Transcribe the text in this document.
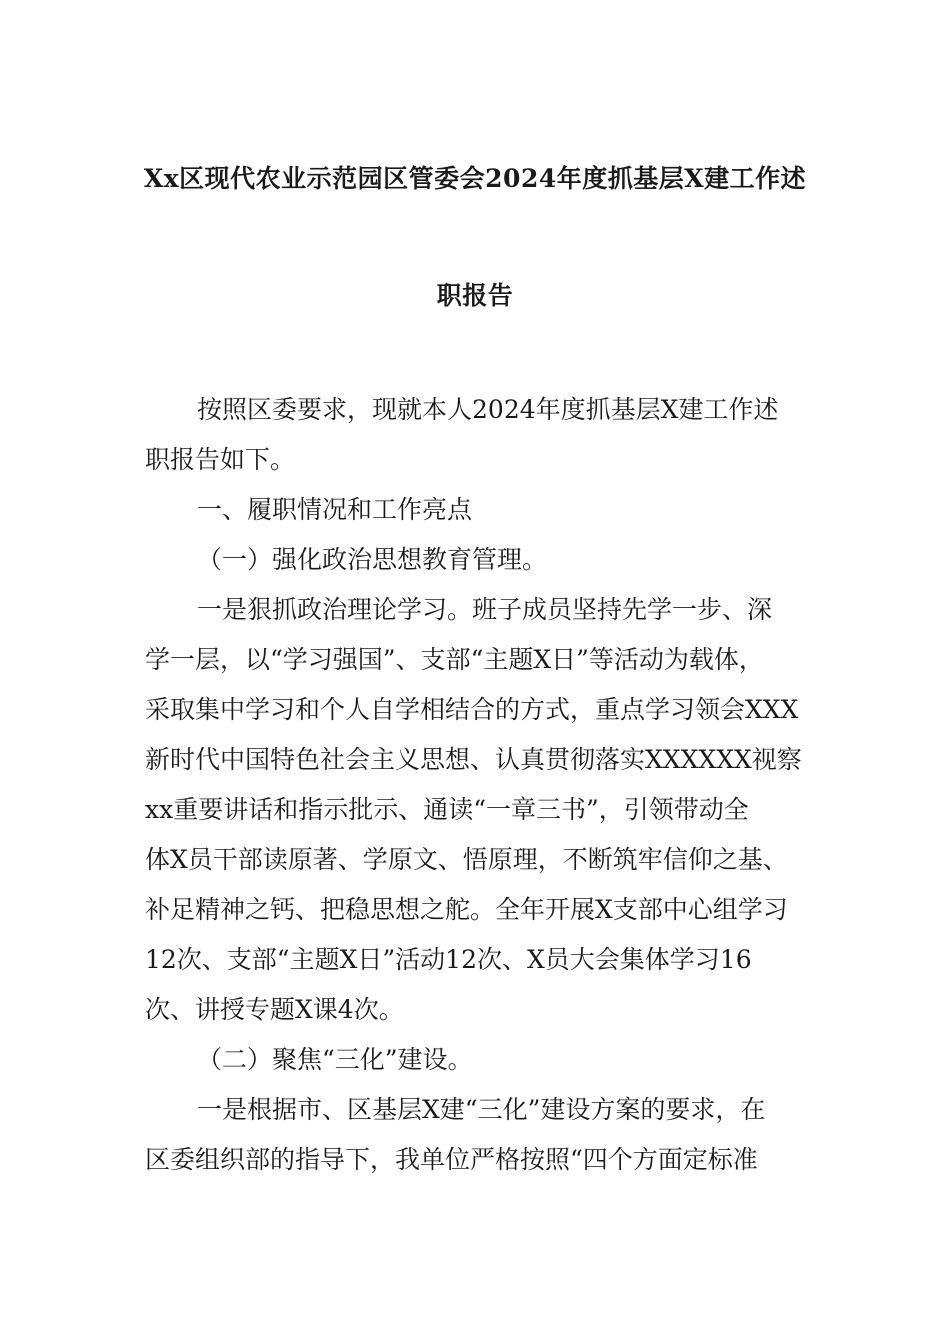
Xx区现代农业示范园区管委会2024年度抓基层X建工作述
职报告
按照区委要求，现就本人2024年度抓基层X建工作述
职报告如下。
一、履职情况和工作亮点
（一）强化政治思想教育管理。
一是狠抓政治理论学习。班子成员坚持先学一步、深
学一层，以“学习强国”、支部“主题X日”等活动为载体，
采取集中学习和个人自学相结合的方式，重点学习领会XXX
新时代中国特色社会主义思想、认真贯彻落实XXXXXX视察
xx重要讲话和指示批示、通读“一章三书”，引领带动全
体X员干部读原著、学原文、悟原理，不断筑牢信仰之基、
补足精神之钙、把稳思想之舵。全年开展X支部中心组学习
12次、支部“主题X日”活动12次、X员大会集体学习16
次、讲授专题X课4次。
（二）聚焦“三化”建设。
一是根据市、区基层X建“三化”建设方案的要求，在
区委组织部的指导下，我单位严格按照“四个方面定标准
